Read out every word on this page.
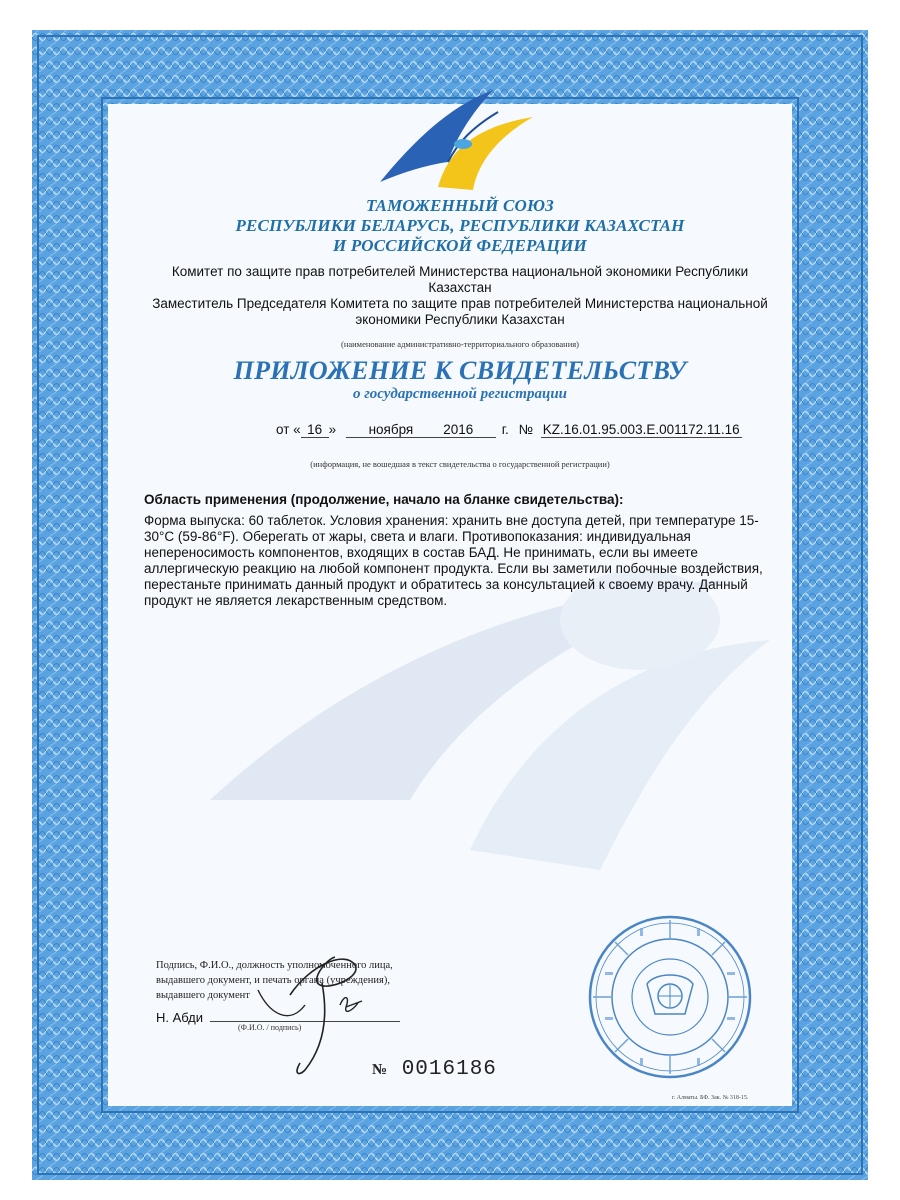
ТАМОЖЕННЫЙ СОЮЗ
РЕСПУБЛИКИ БЕЛАРУСЬ, РЕСПУБЛИКИ КАЗАХСТАН
И РОССИЙСКОЙ ФЕДЕРАЦИИ
Комитет по защите прав потребителей Министерства национальной экономики Республики
Казахстан
Заместитель Председателя Комитета по защите прав потребителей Министерства национальной
экономики Республики Казахстан
(наименование административно-территориального образования)
ПРИЛОЖЕНИЕ К СВИДЕТЕЛЬСТВУ
о государственной регистрации
от « 16 » ноября 2016 г. № KZ.16.01.95.003.E.001172.11.16
(информация, не вошедшая в текст свидетельства о государственной регистрации)
Область применения (продолжение, начало на бланке свидетельства):
Форма выпуска: 60 таблеток. Условия хранения: хранить вне доступа детей, при температуре 15-
30°С (59-86°F). Оберегать от жары, света и влаги. Противопоказания: индивидуальная
непереносимость компонентов, входящих в состав БАД. Не принимать, если вы имеете
аллергическую реакцию на любой компонент продукта. Если вы заметили побочные воздействия,
перестаньте принимать данный продукт и обратитесь за консультацией к своему врачу. Данный
продукт не является лекарственным средством.
Подпись, Ф.И.О., должность уполномоченного лица,
выдавшего документ, и печать органа (учреждения),
выдавшего документ
Н. Абди
(Ф.И.О. / подпись)
№ 0016186
г. Алматы. БФ. Зак. № 318-15.
